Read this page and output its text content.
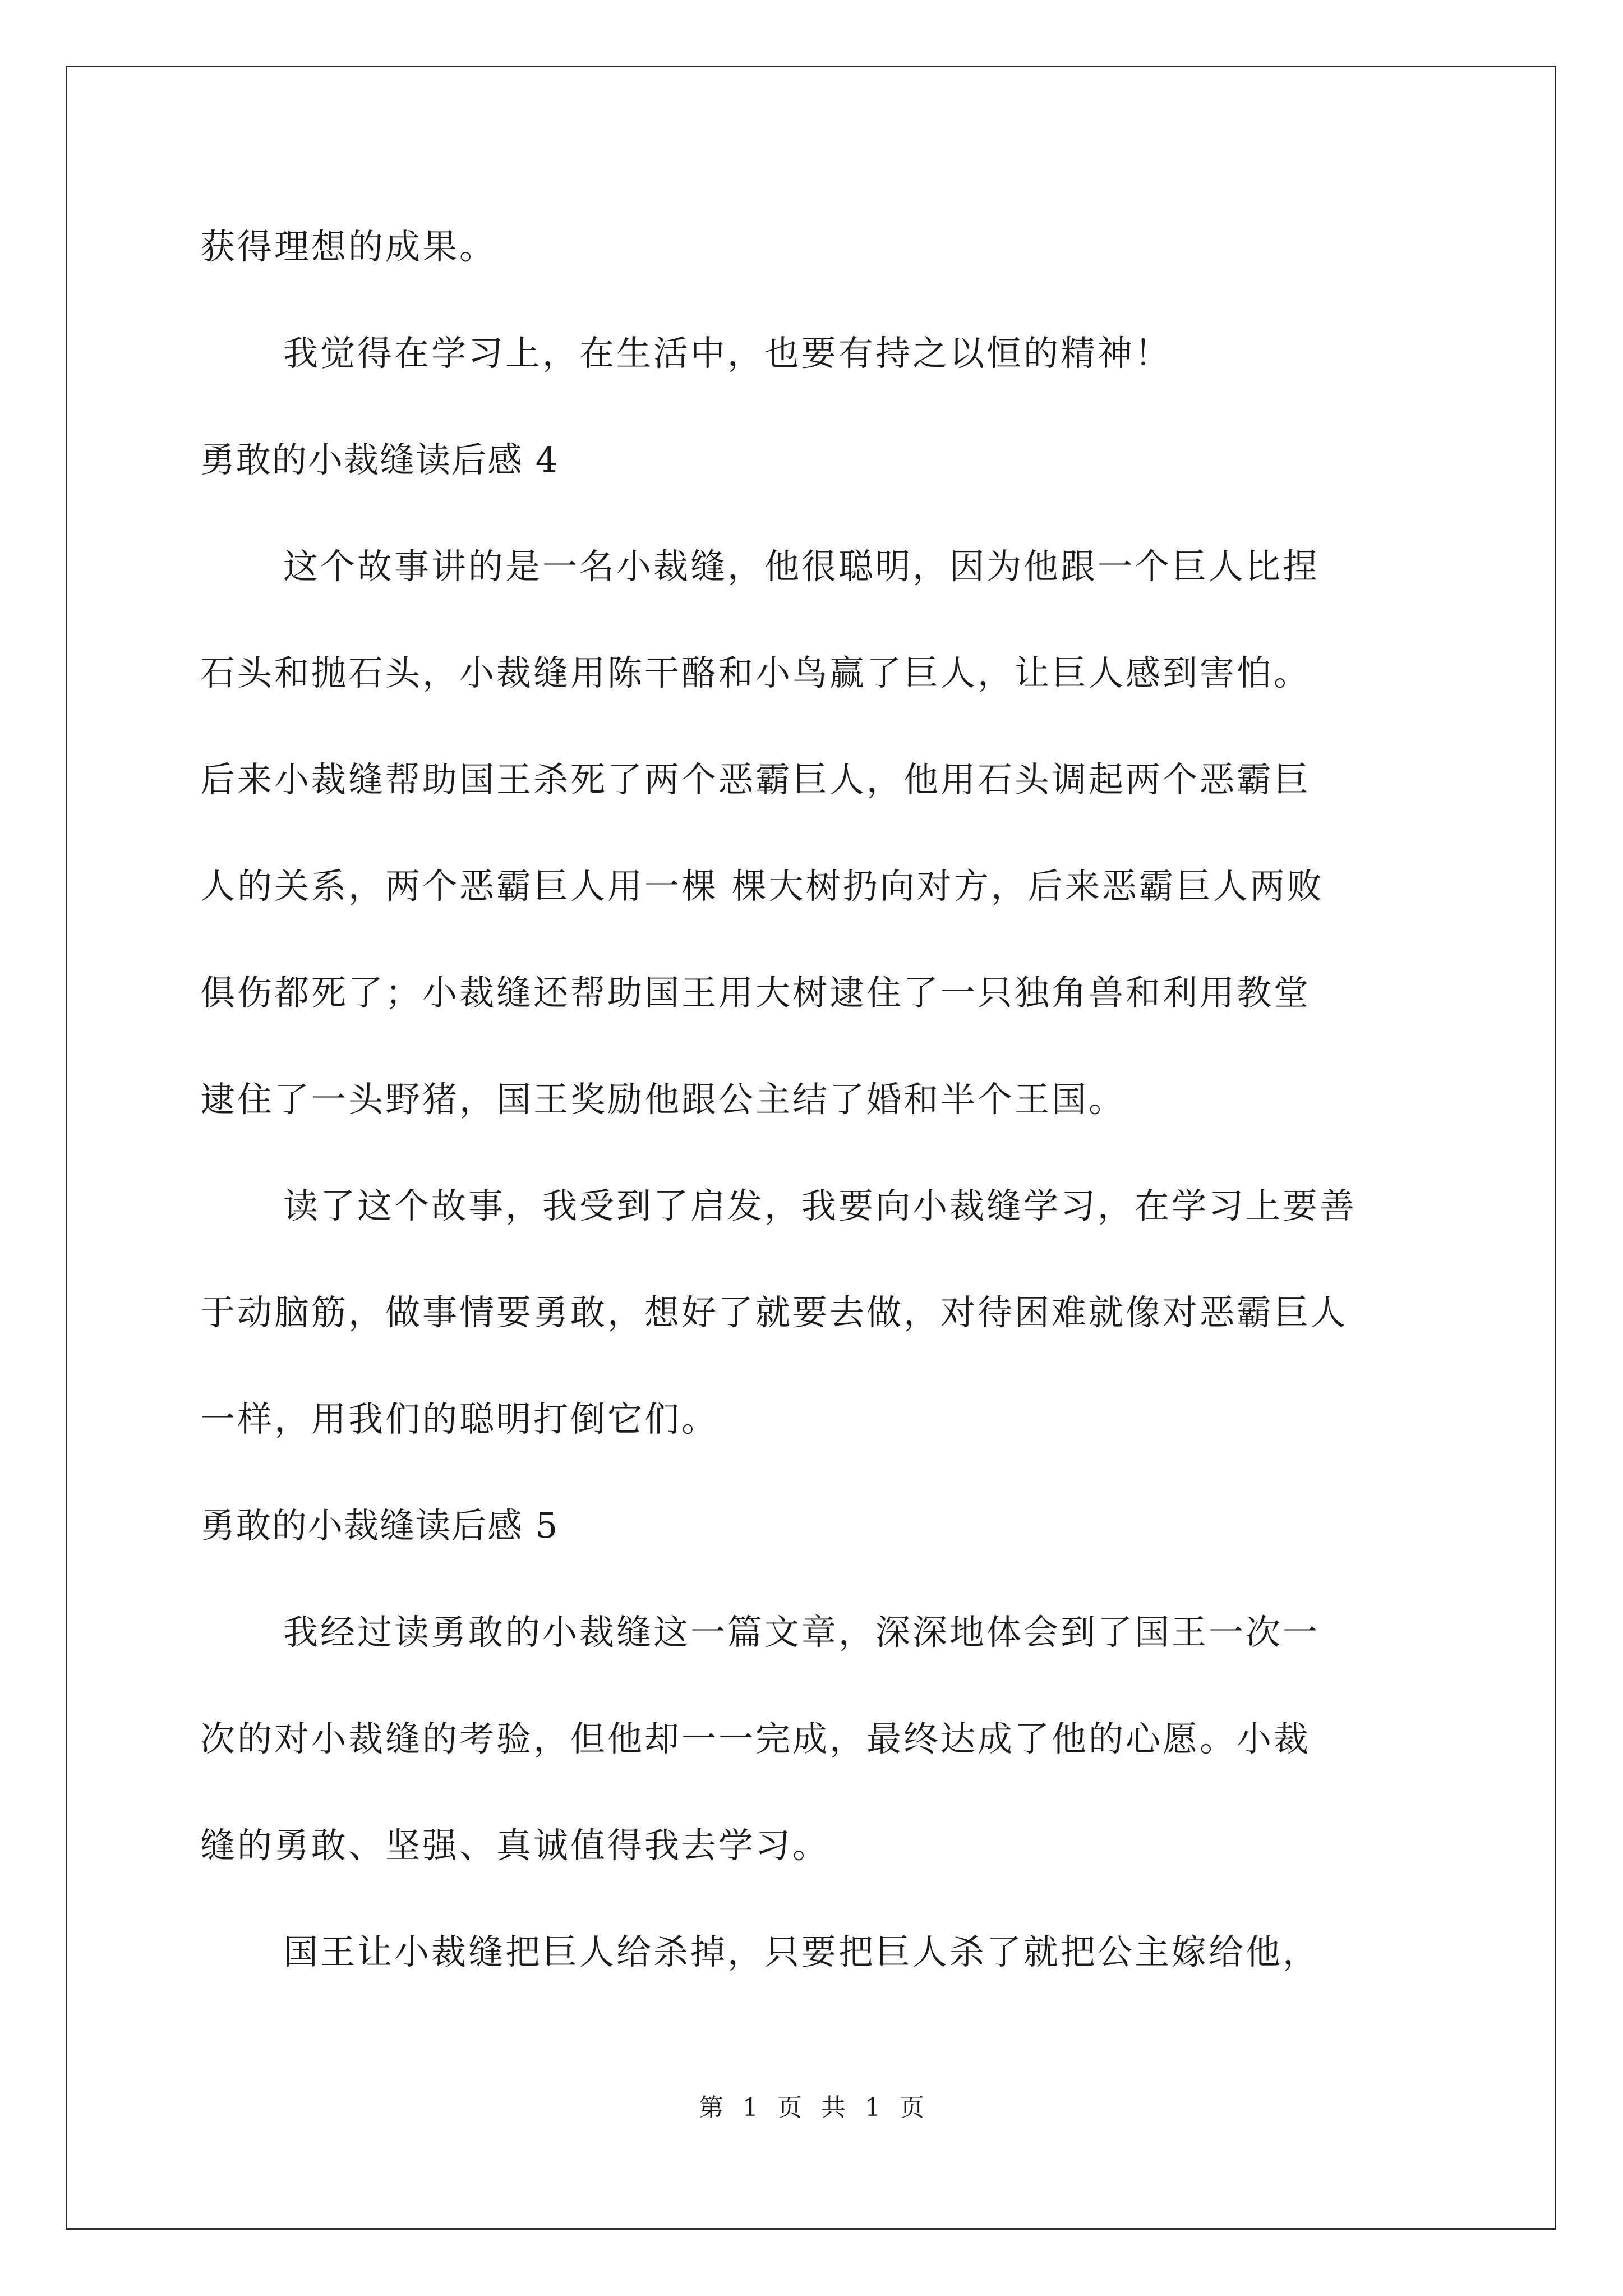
获得理想的成果。
我觉得在学习上，在生活中，也要有持之以恒的精神！
勇敢的小裁缝读后感 4
这个故事讲的是一名小裁缝，他很聪明，因为他跟一个巨人比捏
石头和抛石头，小裁缝用陈干酪和小鸟赢了巨人，让巨人感到害怕。
后来小裁缝帮助国王杀死了两个恶霸巨人，他用石头调起两个恶霸巨
人的关系，两个恶霸巨人用一棵 棵大树扔向对方，后来恶霸巨人两败
俱伤都死了；小裁缝还帮助国王用大树逮住了一只独角兽和利用教堂
逮住了一头野猪，国王奖励他跟公主结了婚和半个王国。
读了这个故事，我受到了启发，我要向小裁缝学习，在学习上要善
于动脑筋，做事情要勇敢，想好了就要去做，对待困难就像对恶霸巨人
一样，用我们的聪明打倒它们。
勇敢的小裁缝读后感 5
我经过读勇敢的小裁缝这一篇文章，深深地体会到了国王一次一
次的对小裁缝的考验，但他却一一完成，最终达成了他的心愿。小裁
缝的勇敢、坚强、真诚值得我去学习。
国王让小裁缝把巨人给杀掉，只要把巨人杀了就把公主嫁给他，
第 1 页 共 1 页
